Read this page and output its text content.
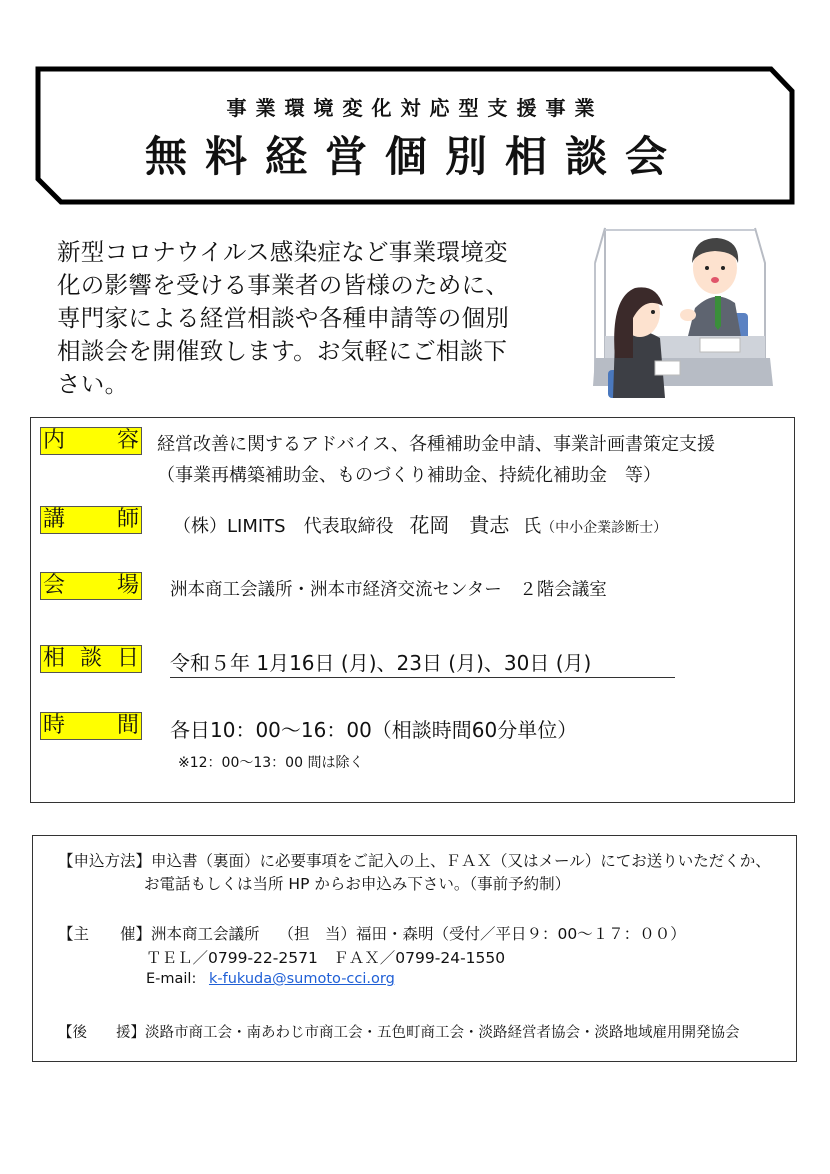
事業環境変化対応型支援事業
無料経営個別相談会
新型コロナウイルス感染症など事業環境変
化の影響を受ける事業者の皆様のために、
専門家による経営相談や各種申請等の個別
相談会を開催致します。お気軽にご相談下
さい。
内 容 経営改善に関するアドバイス、各種補助金申請、事業計画書策定支援
（事業再構築補助金、ものづくり補助金、持続化補助金　等）
講 師 （株）LIMITS　代表取締役 花岡　貴志 氏（中小企業診断士）
会 場 洲本商工会議所・洲本市経済交流センター　２階会議室
相 談 日 令和５年 1月16日 (月)、23日 (月)、30日 (月)
時 間 各日10：00～16：00（相談時間60分単位）
※12：00～13：00 間は除く
【申込方法】申込書（裏面）に必要事項をご記入の上、ＦＡＸ（又はメール）にてお送りいただくか、
お電話もしくは当所 HP からお申込み下さい。（事前予約制）
【主　　催】洲本商工会議所 （担　当）福田・森明（受付／平日９：00～１７：００）
ＴＥＬ／0799-22-2571　ＦＡＸ／0799-24-1550
E-mail: k-fukuda@sumoto-cci.org
【後　　援】淡路市商工会・南あわじ市商工会・五色町商工会・淡路経営者協会・淡路地域雇用開発協会
